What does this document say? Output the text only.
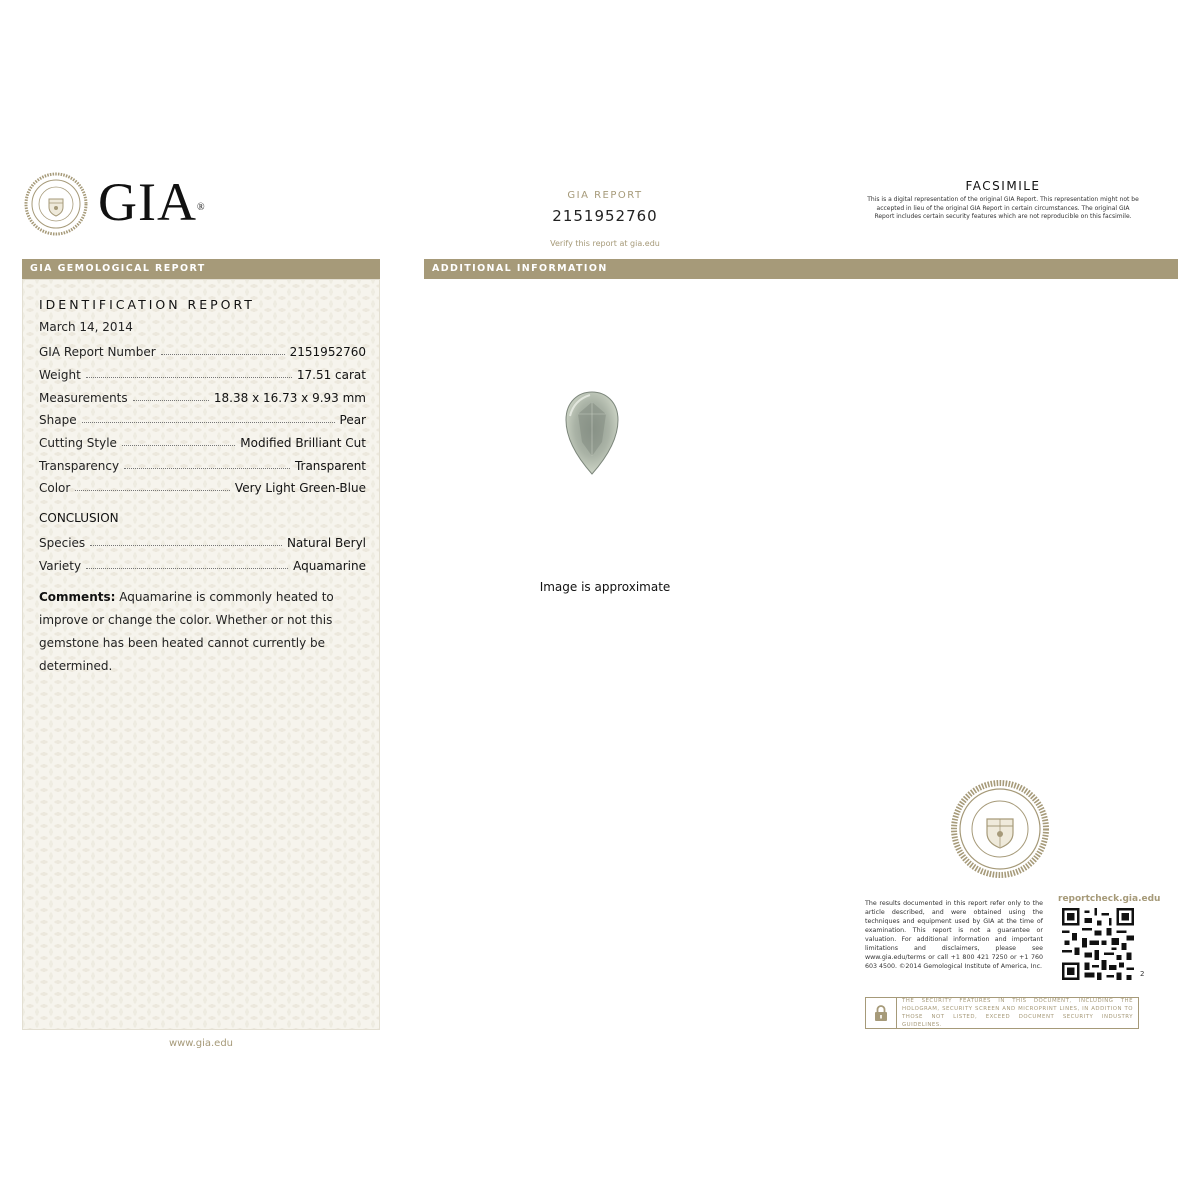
GIA®
GIA REPORT
2151952760
Verify this report at gia.edu
FACSIMILE
This is a digital representation of the original GIA Report. This representation might not be accepted in lieu of the original GIA Report in certain circumstances. The original GIA Report includes certain security features which are not reproducible on this facsimile.
GIA GEMOLOGICAL REPORT	ADDITIONAL INFORMATION
IDENTIFICATION REPORT
March 14, 2014
GIA Report Number	2151952760
Weight	17.51 carat
Measurements	18.38 x 16.73 x 9.93 mm
Shape	Pear
Cutting Style	Modified Brilliant Cut
Transparency	Transparent
Color	Very Light Green-Blue
CONCLUSION
Species	Natural Beryl
Variety	Aquamarine
Comments: Aquamarine is commonly heated to improve or change the color. Whether or not this gemstone has been heated cannot currently be determined.
www.gia.edu
Image is approximate
The results documented in this report refer only to the article described, and were obtained using the techniques and equipment used by GIA at the time of examination. This report is not a guarantee or valuation. For additional information and important limitations and disclaimers, please see www.gia.edu/terms or call +1 800 421 7250 or +1 760 603 4500. ©2014 Gemological Institute of America, Inc.
reportcheck.gia.edu
2
THE SECURITY FEATURES IN THIS DOCUMENT, INCLUDING THE HOLOGRAM, SECURITY SCREEN AND MICROPRINT LINES, IN ADDITION TO THOSE NOT LISTED, EXCEED DOCUMENT SECURITY INDUSTRY GUIDELINES.
